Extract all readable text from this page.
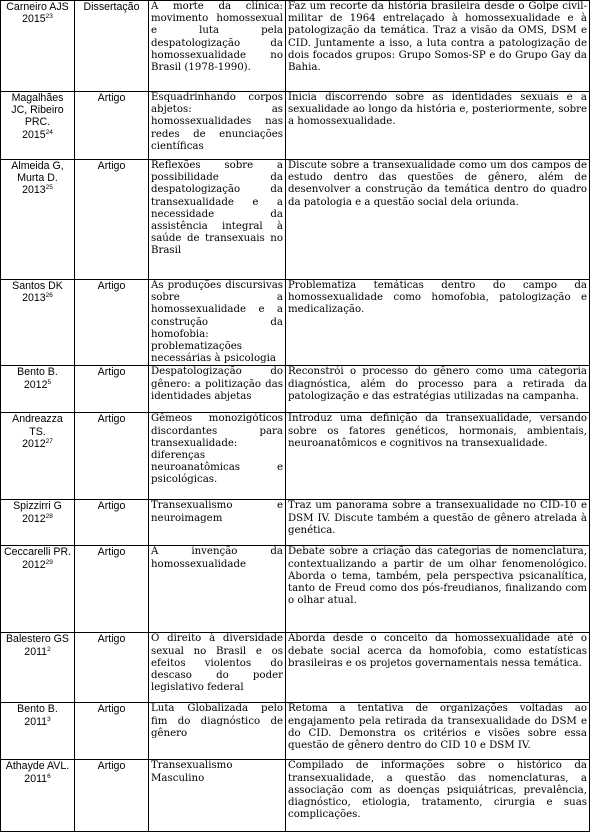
Carneiro AJS
2015$^{23}$	Dissertação	A morte da clínica: movimento homossexual e luta pela despatologização da homossexualidade no Brasil (1978-1990).	Faz um recorte da história brasileira desde o Golpe civil-militar de 1964 entrelaçado à homossexualidade e à patologização da temática. Traz a visão da OMS, DSM e CID. Juntamente a isso, a luta contra a patologização de dois focados grupos: Grupo Somos-SP e do Grupo Gay da Bahia.
Magalhães JC, Ribeiro PRC.
2015$^{24}$	Artigo	Esquadrinhando corpos abjetos: as homossexualidades nas redes de enunciações científicas	Inicia discorrendo sobre as identidades sexuais e a sexualidade ao longo da história e, posteriormente, sobre a homossexualidade.
Almeida G, Murta D.
2013$^{25}$	Artigo	Reflexões sobre a possibilidade da despatologização da transexualidade e a necessidade da assistência integral à saúde de transexuais no Brasil	Discute sobre a transexualidade como um dos campos de estudo dentro das questões de gênero, além de desenvolver a construção da temática dentro do quadro da patologia e a questão social dela oriunda.
Santos DK
2013$^{26}$	Artigo	As produções discursivas sobre a homossexualidade e a construção da homofobia: problematizações necessárias à psicologia	Problematiza temáticas dentro do campo da homossexualidade como homofobia, patologização e medicalização.
Bento B.
2012$^5$	Artigo	Despatologização do gênero: a politização das identidades abjetas	Reconstrói o processo do gênero como uma categoria diagnóstica, além do processo para a retirada da patologização e das estratégias utilizadas na campanha.
Andreazza TS.
2012$^{27}$	Artigo	Gêmeos monozigóticos discordantes para transexualidade: diferenças neuroanatômicas e psicológicas.	Introduz uma definição da transexualidade, versando sobre os fatores genéticos, hormonais, ambientais, neuroanatômicos e cognitivos na transexualidade.
Spizzirri G
2012$^{28}$	Artigo	Transexualismo e neuroimagem	Traz um panorama sobre a transexualidade no CID-10 e DSM IV. Discute também a questão de gênero atrelada à genética.
Ceccarelli PR.
2012$^{29}$	Artigo	A invenção da homossexualidade	Debate sobre a criação das categorias de nomenclatura, contextualizando a partir de um olhar fenomenológico. Aborda o tema, também, pela perspectiva psicanalítica, tanto de Freud como dos pós-freudianos, finalizando com o olhar atual.
Balestero GS
2011$^2$	Artigo	O direito à diversidade sexual no Brasil e os efeitos violentos do descaso do poder legislativo federal	Aborda desde o conceito da homossexualidade até o debate social acerca da homofobia, como estatísticas brasileiras e os projetos governamentais nessa temática.
Bento B.
2011$^3$	Artigo	Luta Globalizada pelo fim do diagnóstico de gênero	Retoma a tentativa de organizações voltadas ao engajamento pela retirada da transexualidade do DSM e do CID. Demonstra os critérios e visões sobre essa questão de gênero dentro do CID 10 e DSM IV.
Athayde AVL.
2011$^6$	Artigo	Transexualismo Masculino	Compilado de informações sobre o histórico da transexualidade, a questão das nomenclaturas, a associação com as doenças psiquiátricas, prevalência, diagnóstico, etiologia, tratamento, cirurgia e suas complicações.
